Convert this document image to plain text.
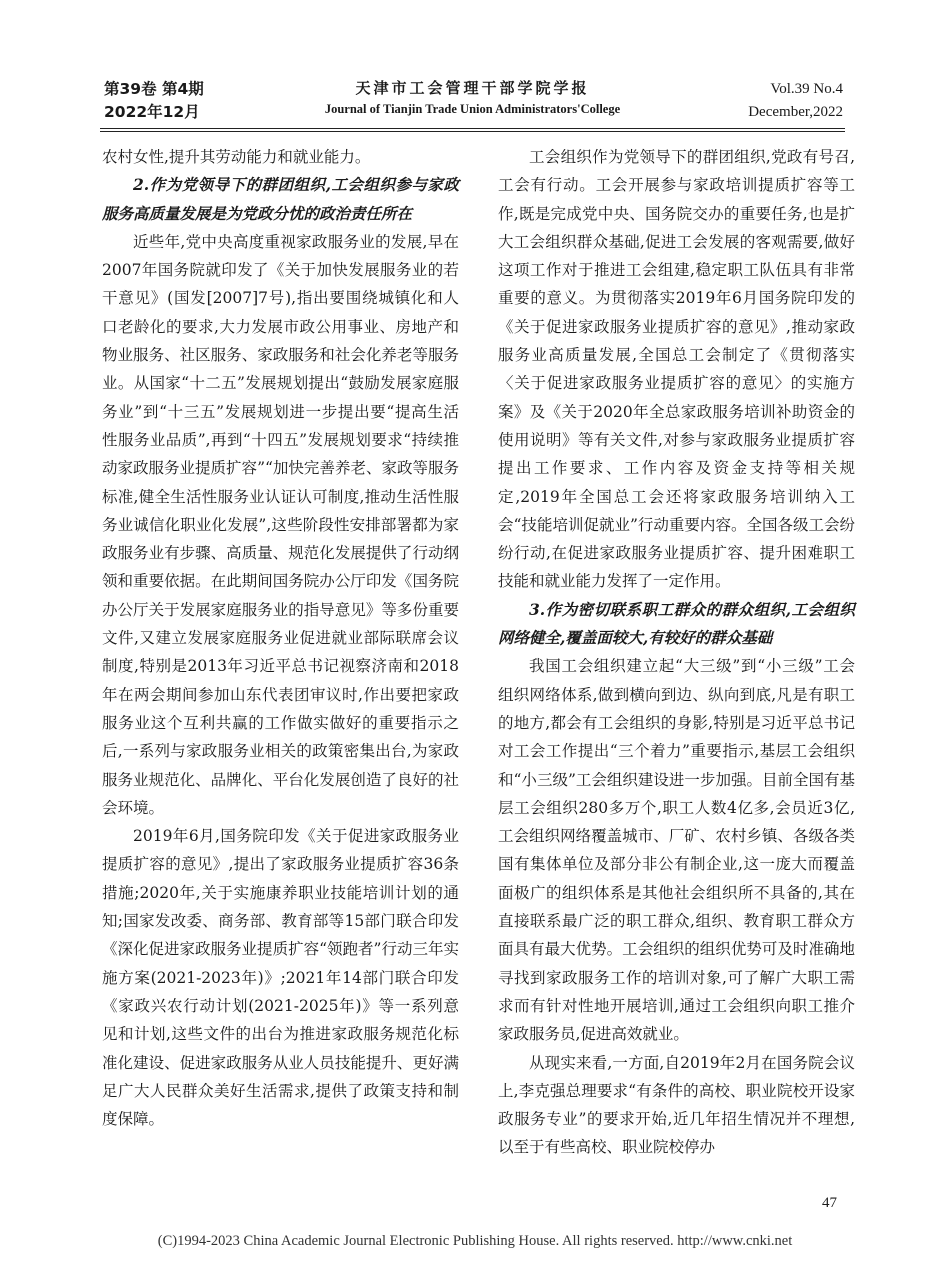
第39卷 第4期
2022年12月
天津市工会管理干部学院学报
Journal of Tianjin Trade Union Administrators'College
Vol.39 No.4
December,2022

农村女性,提升其劳动能力和就业能力。

2.作为党领导下的群团组织,工会组织参与家政服务高质量发展是为党政分忧的政治责任所在

近些年,党中央高度重视家政服务业的发展,早在2007年国务院就印发了《关于加快发展服务业的若干意见》(国发[2007]7号),指出要围绕城镇化和人口老龄化的要求,大力发展市政公用事业、房地产和物业服务、社区服务、家政服务和社会化养老等服务业。从国家“十二五”发展规划提出“鼓励发展家庭服务业”到“十三五”发展规划进一步提出要“提高生活性服务业品质”,再到“十四五”发展规划要求“持续推动家政服务业提质扩容”“加快完善养老、家政等服务标准,健全生活性服务业认证认可制度,推动生活性服务业诚信化职业化发展”,这些阶段性安排部署都为家政服务业有步骤、高质量、规范化发展提供了行动纲领和重要依据。在此期间国务院办公厅印发《国务院办公厅关于发展家庭服务业的指导意见》等多份重要文件,又建立发展家庭服务业促进就业部际联席会议制度,特别是2013年习近平总书记视察济南和2018年在两会期间参加山东代表团审议时,作出要把家政服务业这个互利共赢的工作做实做好的重要指示之后,一系列与家政服务业相关的政策密集出台,为家政服务业规范化、品牌化、平台化发展创造了良好的社会环境。

2019年6月,国务院印发《关于促进家政服务业提质扩容的意见》,提出了家政服务业提质扩容36条措施;2020年,关于实施康养职业技能培训计划的通知;国家发改委、商务部、教育部等15部门联合印发《深化促进家政服务业提质扩容“领跑者”行动三年实施方案(2021-2023年)》;2021年14部门联合印发《家政兴农行动计划(2021-2025年)》等一系列意见和计划,这些文件的出台为推进家政服务规范化标准化建设、促进家政服务从业人员技能提升、更好满足广大人民群众美好生活需求,提供了政策支持和制度保障。

工会组织作为党领导下的群团组织,党政有号召,工会有行动。工会开展参与家政培训提质扩容等工作,既是完成党中央、国务院交办的重要任务,也是扩大工会组织群众基础,促进工会发展的客观需要,做好这项工作对于推进工会组建,稳定职工队伍具有非常重要的意义。为贯彻落实2019年6月国务院印发的《关于促进家政服务业提质扩容的意见》,推动家政服务业高质量发展,全国总工会制定了《贯彻落实〈关于促进家政服务业提质扩容的意见〉的实施方案》及《关于2020年全总家政服务培训补助资金的使用说明》等有关文件,对参与家政服务业提质扩容提出工作要求、工作内容及资金支持等相关规定,2019年全国总工会还将家政服务培训纳入工会“技能培训促就业”行动重要内容。全国各级工会纷纷行动,在促进家政服务业提质扩容、提升困难职工技能和就业能力发挥了一定作用。

3.作为密切联系职工群众的群众组织,工会组织网络健全,覆盖面较大,有较好的群众基础

我国工会组织建立起“大三级”到“小三级”工会组织网络体系,做到横向到边、纵向到底,凡是有职工的地方,都会有工会组织的身影,特别是习近平总书记对工会工作提出“三个着力”重要指示,基层工会组织和“小三级”工会组织建设进一步加强。目前全国有基层工会组织280多万个,职工人数4亿多,会员近3亿,工会组织网络覆盖城市、厂矿、农村乡镇、各级各类国有集体单位及部分非公有制企业,这一庞大而覆盖面极广的组织体系是其他社会组织所不具备的,其在直接联系最广泛的职工群众,组织、教育职工群众方面具有最大优势。工会组织的组织优势可及时准确地寻找到家政服务工作的培训对象,可了解广大职工需求而有针对性地开展培训,通过工会组织向职工推介家政服务员,促进高效就业。

从现实来看,一方面,自2019年2月在国务院会议上,李克强总理要求“有条件的高校、职业院校开设家政服务专业”的要求开始,近几年招生情况并不理想,以至于有些高校、职业院校停办

47
(C)1994-2023 China Academic Journal Electronic Publishing House. All rights reserved. http://www.cnki.net
